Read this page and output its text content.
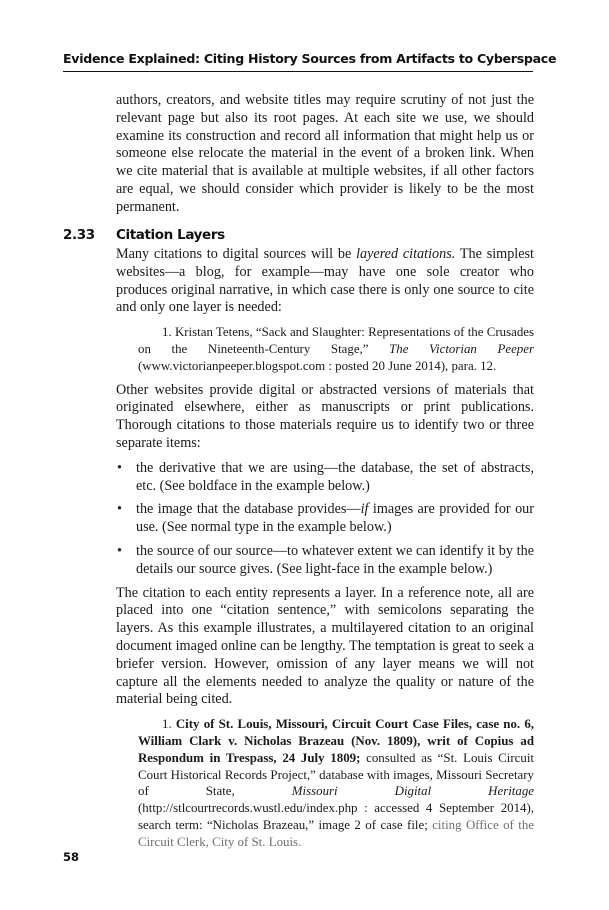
Evidence Explained: Citing History Sources from Artifacts to Cyberspace

authors, creators, and website titles may require scrutiny of not just the relevant page but also its root pages. At each site we use, we should examine its construction and record all information that might help us or someone else relocate the material in the event of a broken link. When we cite material that is available at multiple websites, if all other factors are equal, we should consider which provider is likely to be the most permanent.

2.33 Citation Layers

Many citations to digital sources will be layered citations. The simplest websites—a blog, for example—may have one sole creator who produces original narrative, in which case there is only one source to cite and only one layer is needed:

1. Kristan Tetens, “Sack and Slaughter: Representations of the Crusades on the Nineteenth-Century Stage,” The Victorian Peeper (www.victorianpeeper.blogspot.com : posted 20 June 2014), para. 12.

Other websites provide digital or abstracted versions of materials that originated elsewhere, either as manuscripts or print publications. Thorough citations to those materials require us to identify two or three separate items:

• the derivative that we are using—the database, the set of abstracts, etc. (See boldface in the example below.)
• the image that the database provides—if images are provided for our use. (See normal type in the example below.)
• the source of our source—to whatever extent we can identify it by the details our source gives. (See light-face in the example below.)

The citation to each entity represents a layer. In a reference note, all are placed into one “citation sentence,” with semicolons separating the layers. As this example illustrates, a multilayered citation to an original document imaged online can be lengthy. The temptation is great to seek a briefer version. However, omission of any layer means we will not capture all the elements needed to analyze the quality or nature of the material being cited.

1. City of St. Louis, Missouri, Circuit Court Case Files, case no. 6, William Clark v. Nicholas Brazeau (Nov. 1809), writ of Copius ad Respondum in Trespass, 24 July 1809; consulted as “St. Louis Circuit Court Historical Records Project,” database with images, Missouri Secretary of State, Missouri Digital Heritage (http://stlcourtrecords.wustl.edu/index.php : accessed 4 September 2014), search term: “Nicholas Brazeau,” image 2 of case file; citing Office of the Circuit Clerk, City of St. Louis.

58
